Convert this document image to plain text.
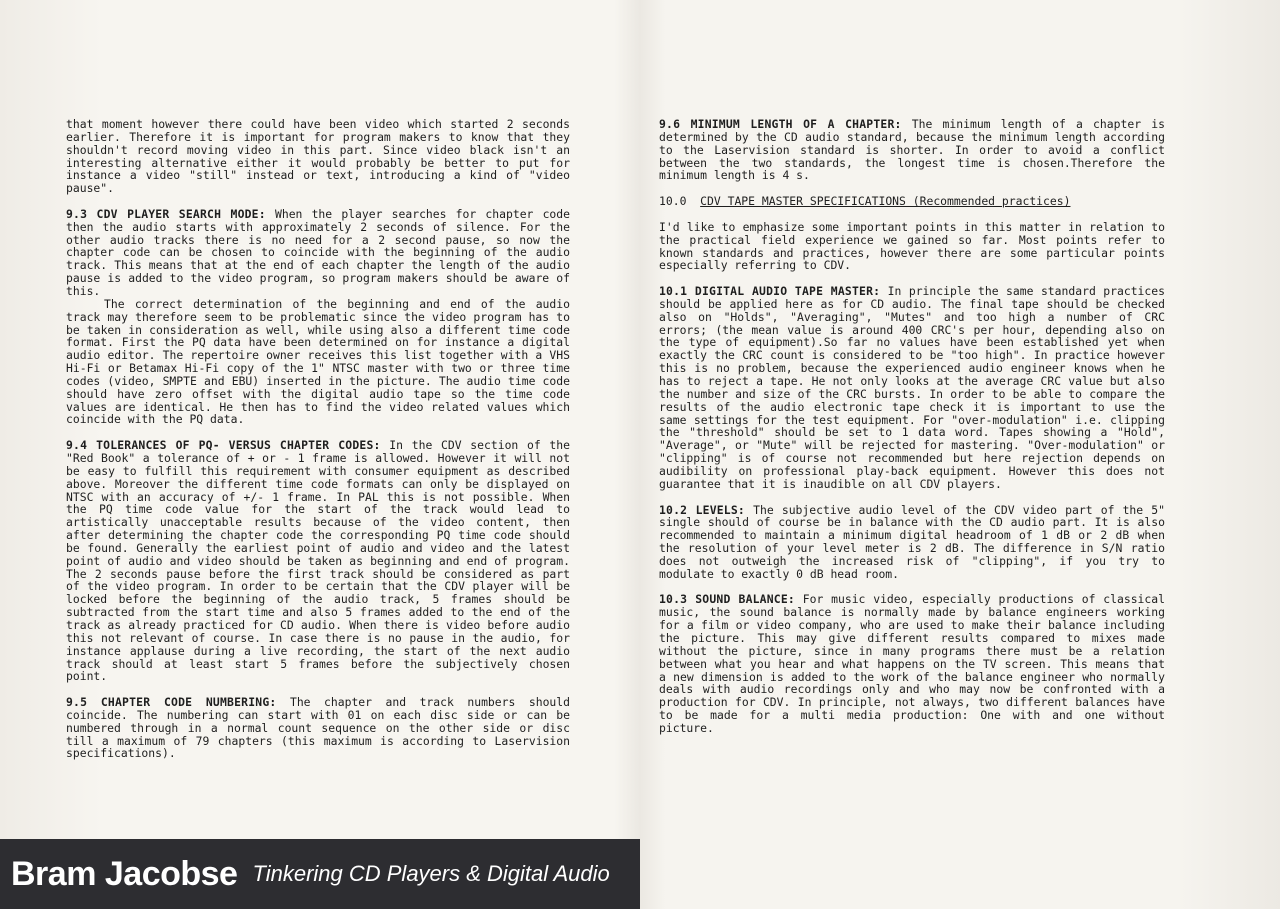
that moment however there could have been video which started 2 seconds earlier. Therefore it is important for program makers to know that they shouldn't record moving video in this part. Since video black isn't an interesting alternative either it would probably be better to put for instance a video "still" instead or text, introducing a kind of "video pause".

9.3 CDV PLAYER SEARCH MODE: When the player searches for chapter code then the audio starts with approximately 2 seconds of silence. For the other audio tracks there is no need for a 2 second pause, so now the chapter code can be chosen to coincide with the beginning of the audio track. This means that at the end of each chapter the length of the audio pause is added to the video program, so program makers should be aware of this.
The correct determination of the beginning and end of the audio track may therefore seem to be problematic since the video program has to be taken in consideration as well, while using also a different time code format. First the PQ data have been determined on for instance a digital audio editor. The repertoire owner receives this list together with a VHS Hi-Fi or Betamax Hi-Fi copy of the 1" NTSC master with two or three time codes (video, SMPTE and EBU) inserted in the picture. The audio time code should have zero offset with the digital audio tape so the time code values are identical. He then has to find the video related values which coincide with the PQ data.

9.4 TOLERANCES OF PQ- VERSUS CHAPTER CODES: In the CDV section of the "Red Book" a tolerance of + or - 1 frame is allowed. However it will not be easy to fulfill this requirement with consumer equipment as described above. Moreover the different time code formats can only be displayed on NTSC with an accuracy of +/- 1 frame. In PAL this is not possible. When the PQ time code value for the start of the track would lead to artistically unacceptable results because of the video content, then after determining the chapter code the corresponding PQ time code should be found. Generally the earliest point of audio and video and the latest point of audio and video should be taken as beginning and end of program. The 2 seconds pause before the first track should be considered as part of the video program. In order to be certain that the CDV player will be locked before the beginning of the audio track, 5 frames should be subtracted from the start time and also 5 frames added to the end of the track as already practiced for CD audio. When there is video before audio this not relevant of course. In case there is no pause in the audio, for instance applause during a live recording, the start of the next audio track should at least start 5 frames before the subjectively chosen point.

9.5 CHAPTER CODE NUMBERING: The chapter and track numbers should coincide. The numbering can start with 01 on each disc side or can be numbered through in a normal count sequence on the other side or disc till a maximum of 79 chapters (this maximum is according to Laservision specifications).

9.6 MINIMUM LENGTH OF A CHAPTER: The minimum length of a chapter is determined by the CD audio standard, because the minimum length according to the Laservision standard is shorter. In order to avoid a conflict between the two standards, the longest time is chosen.Therefore the minimum length is 4 s.

10.0 CDV TAPE MASTER SPECIFICATIONS (Recommended practices)

I'd like to emphasize some important points in this matter in relation to the practical field experience we gained so far. Most points refer to known standards and practices, however there are some particular points especially referring to CDV.

10.1 DIGITAL AUDIO TAPE MASTER: In principle the same standard practices should be applied here as for CD audio. The final tape should be checked also on "Holds", "Averaging", "Mutes" and too high a number of CRC errors; (the mean value is around 400 CRC's per hour, depending also on the type of equipment).So far no values have been established yet when exactly the CRC count is considered to be "too high". In practice however this is no problem, because the experienced audio engineer knows when he has to reject a tape. He not only looks at the average CRC value but also the number and size of the CRC bursts. In order to be able to compare the results of the audio electronic tape check it is important to use the same settings for the test equipment. For "over-modulation" i.e. clipping the "threshold" should be set to 1 data word. Tapes showing a "Hold", "Average", or "Mute" will be rejected for mastering. "Over-modulation" or "clipping" is of course not recommended but here rejection depends on audibility on professional play-back equipment. However this does not guarantee that it is inaudible on all CDV players.

10.2 LEVELS: The subjective audio level of the CDV video part of the 5" single should of course be in balance with the CD audio part. It is also recommended to maintain a minimum digital headroom of 1 dB or 2 dB when the resolution of your level meter is 2 dB. The difference in S/N ratio does not outweigh the increased risk of "clipping", if you try to modulate to exactly 0 dB head room.

10.3 SOUND BALANCE: For music video, especially productions of classical music, the sound balance is normally made by balance engineers working for a film or video company, who are used to make their balance including the picture. This may give different results compared to mixes made without the picture, since in many programs there must be a relation between what you hear and what happens on the TV screen. This means that a new dimension is added to the work of the balance engineer who normally deals with audio recordings only and who may now be confronted with a production for CDV. In principle, not always, two different balances have to be made for a multi media production: One with and one without picture.

Bram Jacobse Tinkering CD Players & Digital Audio
